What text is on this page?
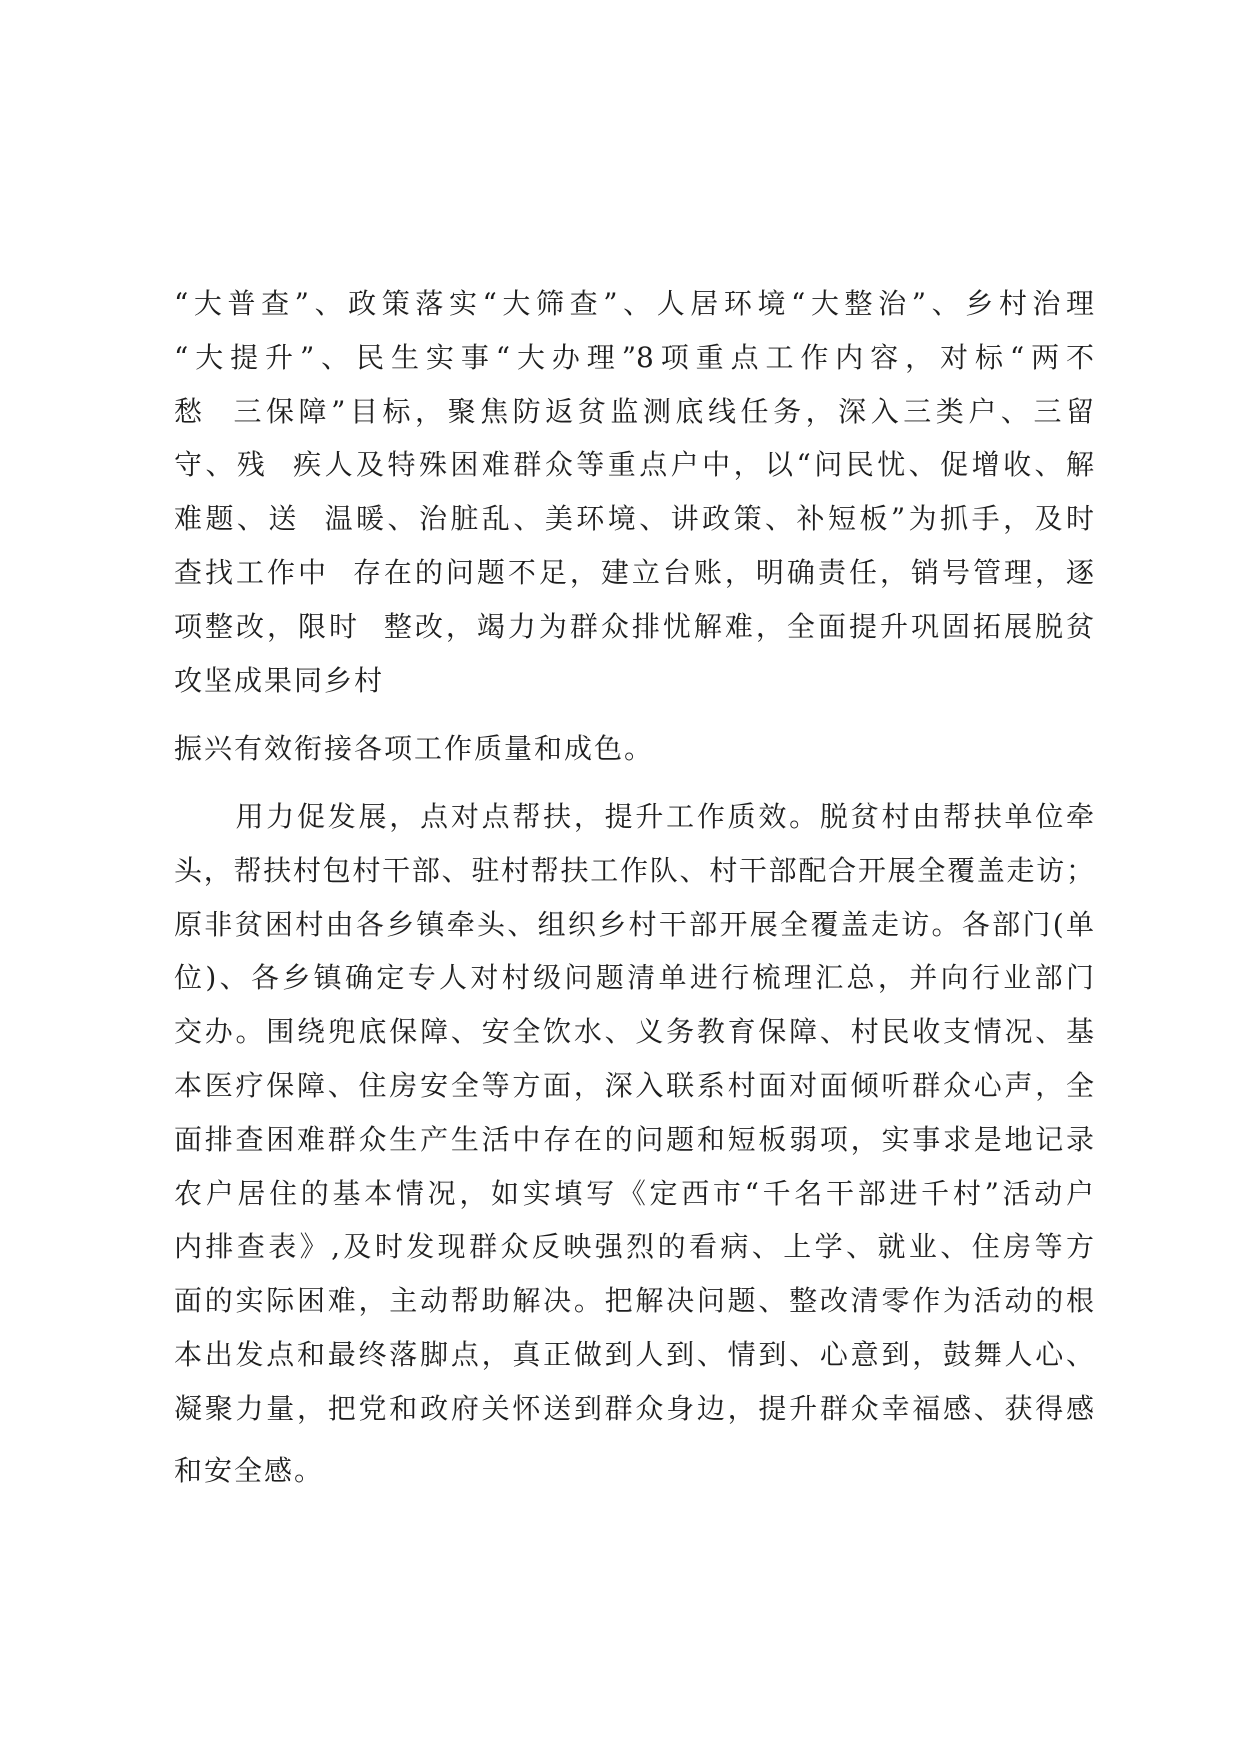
“大普查”、政策落实“大筛查”、人居环境“大整治”、乡村治理
“大提升”、民生实事“大办理”8项重点工作内容，对标“两不
愁  三保障”目标，聚焦防返贫监测底线任务，深入三类户、三留
守、残  疾人及特殊困难群众等重点户中，以“问民忧、促增收、解
难题、送  温暖、治脏乱、美环境、讲政策、补短板”为抓手，及时
查找工作中  存在的问题不足，建立台账，明确责任，销号管理，逐
项整改，限时  整改，竭力为群众排忧解难，全面提升巩固拓展脱贫
攻坚成果同乡村
振兴有效衔接各项工作质量和成色。
　　用力促发展，点对点帮扶，提升工作质效。脱贫村由帮扶单位牵
头，帮扶村包村干部、驻村帮扶工作队、村干部配合开展全覆盖走访；
原非贫困村由各乡镇牵头、组织乡村干部开展全覆盖走访。各部门(单
位)、各乡镇确定专人对村级问题清单进行梳理汇总，并向行业部门
交办。围绕兜底保障、安全饮水、义务教育保障、村民收支情况、基
本医疗保障、住房安全等方面，深入联系村面对面倾听群众心声，全
面排查困难群众生产生活中存在的问题和短板弱项，实事求是地记录
农户居住的基本情况，如实填写《定西市“千名干部进千村”活动户
内排查表》,及时发现群众反映强烈的看病、上学、就业、住房等方
面的实际困难，主动帮助解决。把解决问题、整改清零作为活动的根
本出发点和最终落脚点，真正做到人到、情到、心意到，鼓舞人心、
凝聚力量，把党和政府关怀送到群众身边，提升群众幸福感、获得感
和安全感。
